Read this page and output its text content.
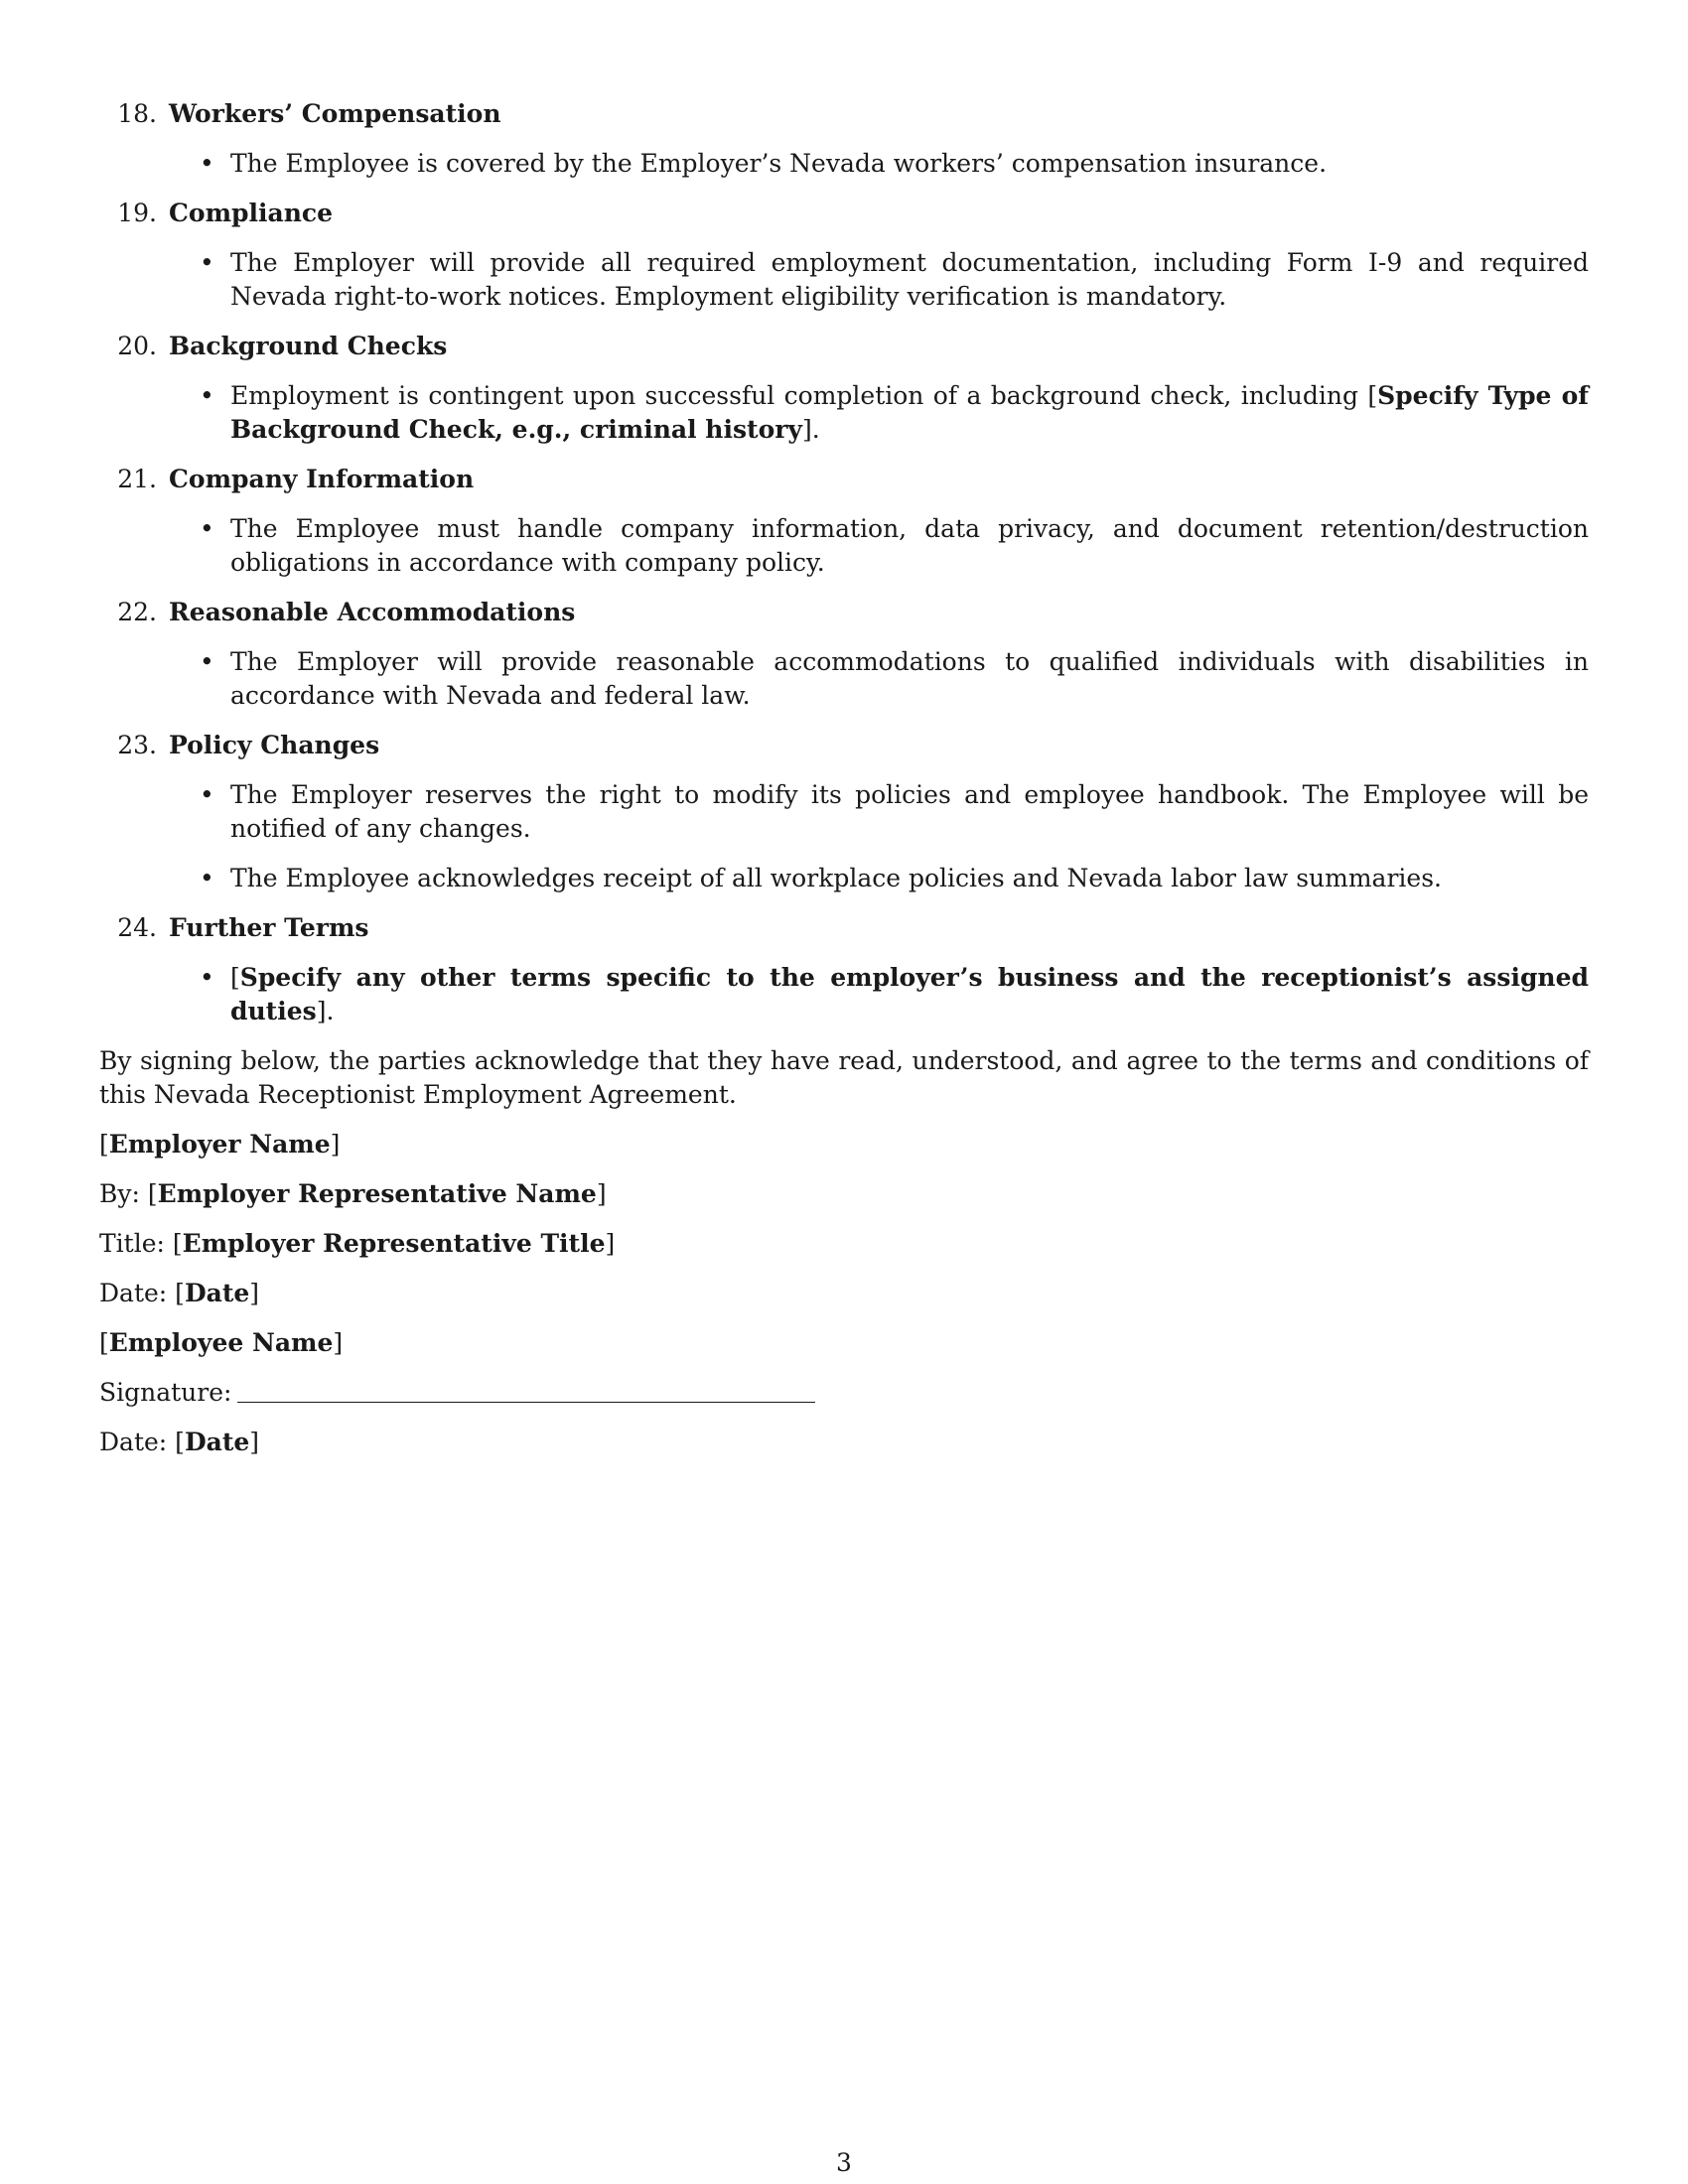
18. Workers’ Compensation
• The Employee is covered by the Employer’s Nevada workers’ compensation insurance.
19. Compliance
• The Employer will provide all required employment documentation, including Form I-9 and required Nevada right-to-work notices. Employment eligibility verification is mandatory.
20. Background Checks
• Employment is contingent upon successful completion of a background check, including [Specify Type of Background Check, e.g., criminal history].
21. Company Information
• The Employee must handle company information, data privacy, and document retention/destruction obligations in accordance with company policy.
22. Reasonable Accommodations
• The Employer will provide reasonable accommodations to qualified individuals with disabilities in accordance with Nevada and federal law.
23. Policy Changes
• The Employer reserves the right to modify its policies and employee handbook. The Employee will be notified of any changes.
• The Employee acknowledges receipt of all workplace policies and Nevada labor law summaries.
24. Further Terms
• [Specify any other terms specific to the employer’s business and the receptionist’s assigned duties].

By signing below, the parties acknowledge that they have read, understood, and agree to the terms and conditions of this Nevada Receptionist Employment Agreement.

[Employer Name]
By: [Employer Representative Name]
Title: [Employer Representative Title]
Date: [Date]
[Employee Name]
Signature:
Date: [Date]
3
